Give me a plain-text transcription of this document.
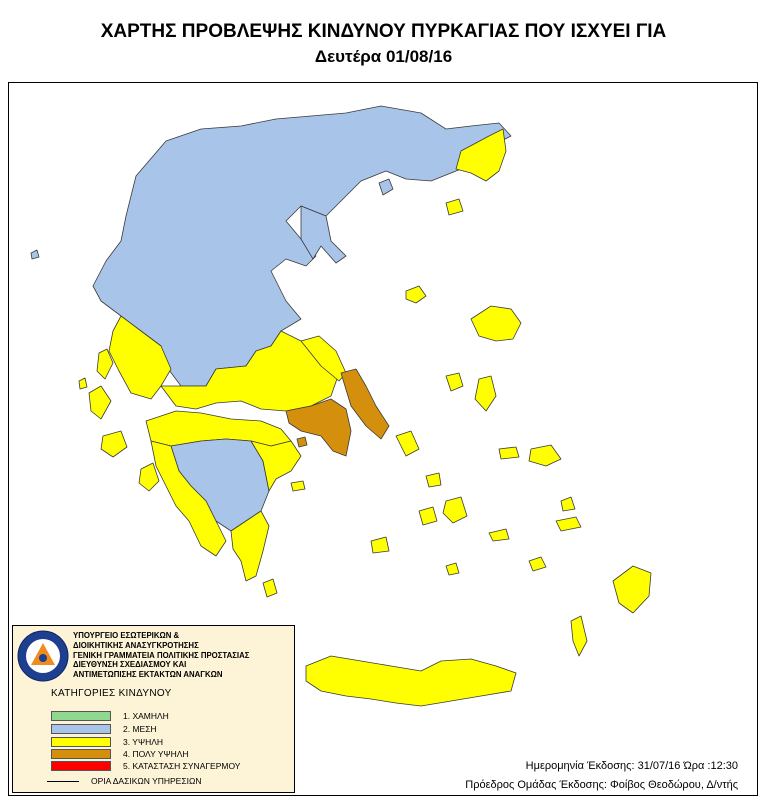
ΧΑΡΤΗΣ ΠΡΟΒΛΕΨΗΣ ΚΙΝΔΥΝΟΥ ΠΥΡΚΑΓΙΑΣ ΠΟΥ ΙΣΧΥΕΙ ΓΙΑ
Δευτέρα 01/08/16
ΥΠΟΥΡΓΕΙΟ ΕΣΩΤΕΡΙΚΩΝ &
ΔΙΟΙΚΗΤΙΚΗΣ ΑΝΑΣΥΓΚΡΟΤΗΣΗΣ
ΓΕΝΙΚΗ ΓΡΑΜΜΑΤΕΙΑ ΠΟΛΙΤΙΚΗΣ ΠΡΟΣΤΑΣΙΑΣ
ΔΙΕΥΘΥΝΣΗ ΣΧΕΔΙΑΣΜΟΥ ΚΑΙ
ΑΝΤΙΜΕΤΩΠΙΣΗΣ ΕΚΤΑΚΤΩΝ ΑΝΑΓΚΩΝ
ΚΑΤΗΓΟΡΙΕΣ ΚΙΝΔΥΝΟΥ
1. ΧΑΜΗΛΗ
2. ΜΕΣΗ
3. ΥΨΗΛΗ
4. ΠΟΛΥ ΥΨΗΛΗ
5. ΚΑΤΑΣΤΑΣΗ ΣΥΝΑΓΕΡΜΟΥ
ΟΡΙΑ ΔΑΣΙΚΩΝ ΥΠΗΡΕΣΙΩΝ
Ημερομηνία Έκδοσης: 31/07/16 Ώρα :12:30
Πρόεδρος Ομάδας Έκδοσης: Φοίβος Θεοδώρου, Δ/ντής
